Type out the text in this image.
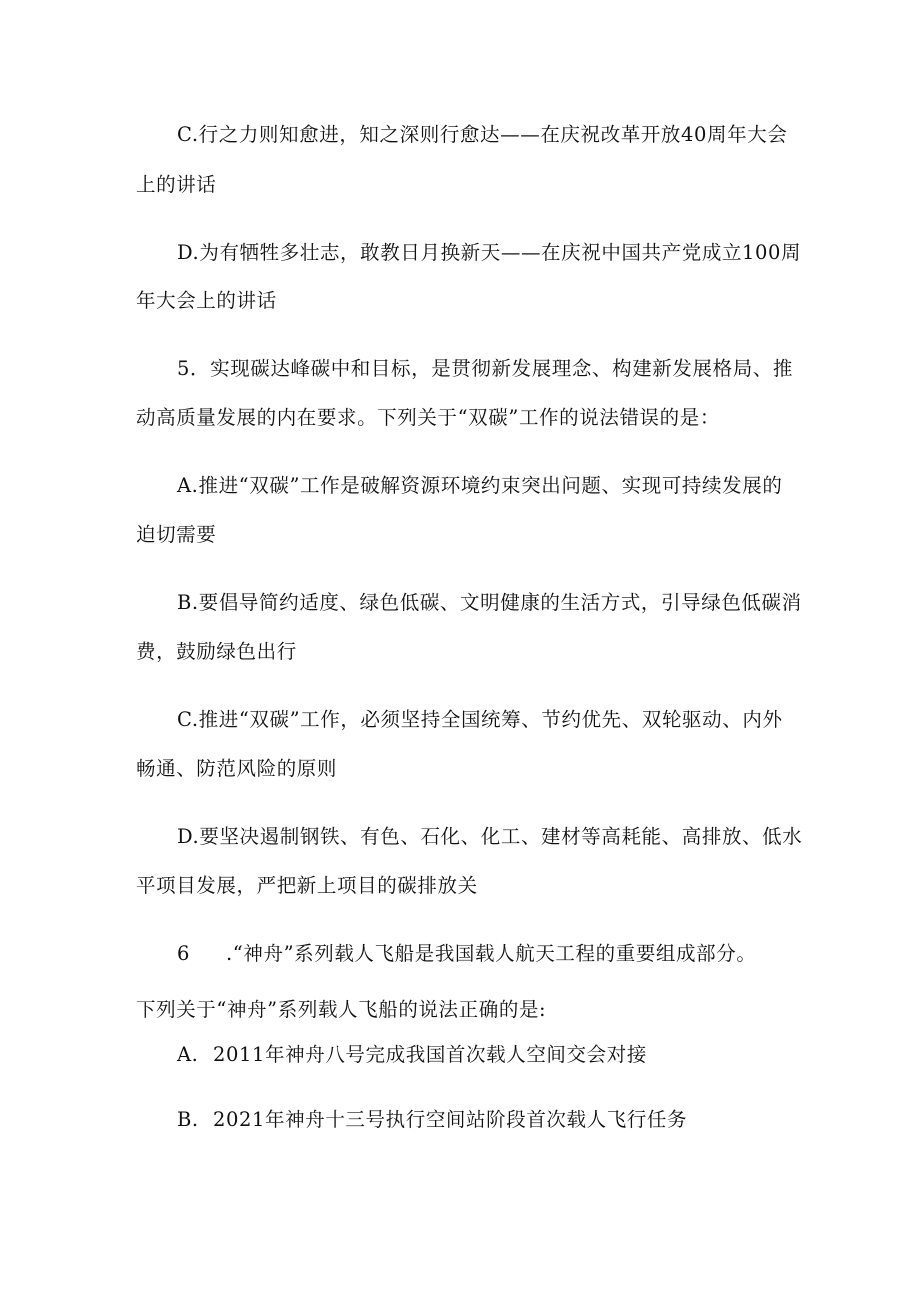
C.行之力则知愈进，知之深则行愈达——在庆祝改革开放40周年大会
上的讲话
D.为有牺牲多壮志，敢教日月换新天——在庆祝中国共产党成立100周
年大会上的讲话
5．实现碳达峰碳中和目标，是贯彻新发展理念、构建新发展格局、推
动高质量发展的内在要求。下列关于“双碳”工作的说法错误的是：
A.推进“双碳”工作是破解资源环境约束突出问题、实现可持续发展的
迫切需要
B.要倡导简约适度、绿色低碳、文明健康的生活方式，引导绿色低碳消
费，鼓励绿色出行
C.推进“双碳”工作，必须坚持全国统筹、节约优先、双轮驱动、内外
畅通、防范风险的原则
D.要坚决遏制钢铁、有色、石化、化工、建材等高耗能、高排放、低水
平项目发展，严把新上项目的碳排放关
6 .“神舟”系列载人飞船是我国载人航天工程的重要组成部分。
下列关于“神舟”系列载人飞船的说法正确的是:
A. 2011年神舟八号完成我国首次载人空间交会对接
B. 2021年神舟十三号执行空间站阶段首次载人飞行任务
